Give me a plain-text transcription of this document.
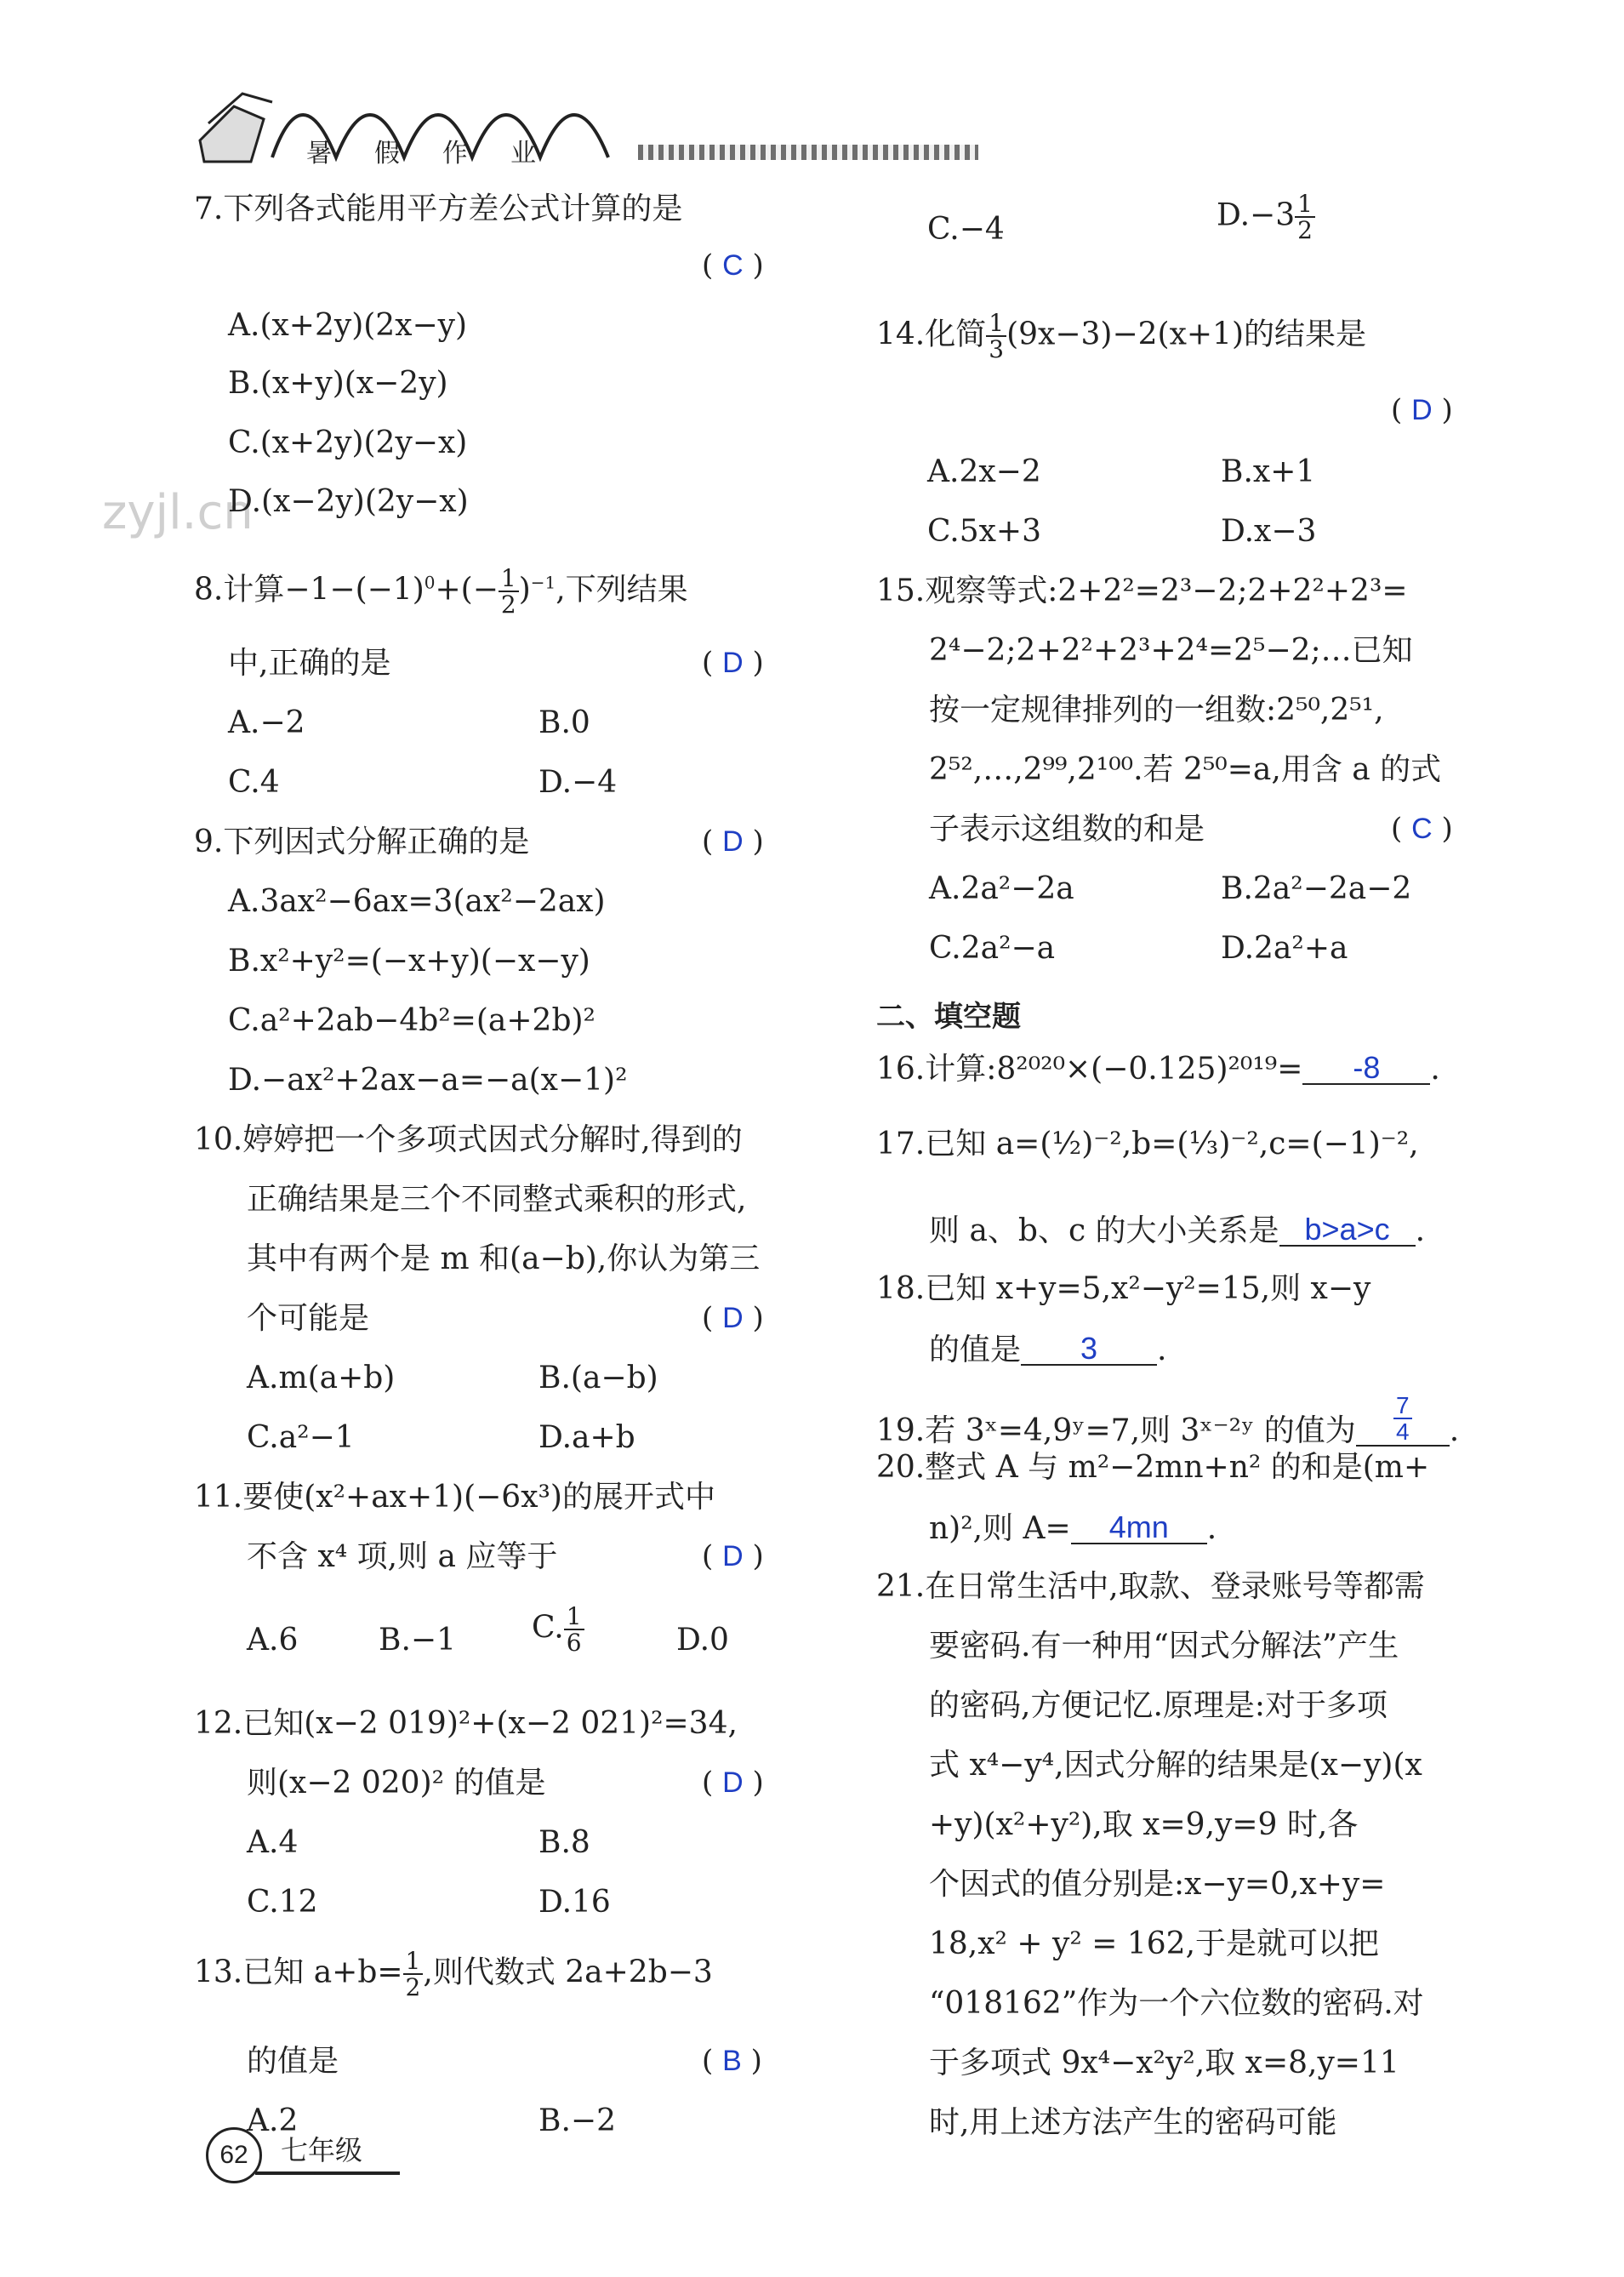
暑 假 作 业
zyjl.cn
7.下列各式能用平方差公式计算的是
( C )
A.(x+2y)(2x−y)
B.(x+y)(x−2y)
C.(x+2y)(2y−x)
D.(x−2y)(2y−x)
8.计算$-1-(-1)^0+(- \frac{1}{2} )^{-1}$,下列结果
中,正确的是	( D )
A.−2	B.0
C.4	D.−4
9.下列因式分解正确的是	( D )
A.3ax²−6ax=3(ax²−2ax)
B.x²+y²=(−x+y)(−x−y)
C.a²+2ab−4b²=(a+2b)²
D.−ax²+2ax−a=−a(x−1)²
10.婷婷把一个多项式因式分解时,得到的
正确结果是三个不同整式乘积的形式,
其中有两个是 m 和(a−b),你认为第三
个可能是	( D )
A.m(a+b)	B.(a−b)
C.a²−1	D.a+b
11.要使(x²+ax+1)(−6x³)的展开式中
不含 x⁴ 项,则 a 应等于	( D )
A.6	B.−1 C. $\frac{1}{6}$	D.0
12.已知(x−2 019)²+(x−2 021)²=34,
则(x−2 020)² 的值是	( D )
A.4	B.8
C.12	D.16
13.已知 $a+b= \frac{1}{2}$ ,则代数式 2a+2b−3
的值是	( B )
A.2	B.−2
C.−4	$D.-3 \frac{1}{2}$
14.化简 $\frac{1}{3} (9x-3)-2(x+1)$的结果是
( D )
A.2x−2	B.x+1
C.5x+3	D.x−3
15.观察等式:2+2²=2³−2;2+2²+2³=
2⁴−2;2+2²+2³+2⁴=2⁵−2;…已知
按一定规律排列的一组数:2⁵⁰,2⁵¹,
2⁵²,…,2⁹⁹,2¹⁰⁰.若 2⁵⁰=a,用含 a 的式
子表示这组数的和是	( C )
A.2a²−2a	B.2a²−2a−2
C.2a²−a	D.2a²+a
二、填空题
16.计算:8²⁰²⁰×(−0.125)²⁰¹⁹= -8 .
17.已知 a=(½)⁻²,b=(⅓)⁻²,c=(−1)⁻²,
则 a、b、c 的大小关系是 b>a>c .
18.已知 x+y=5,x²−y²=15,则 x−y
的值是 3 .
19.若 3ˣ=4,9ʸ=7,则 3ˣ⁻²ʸ 的值为 $\frac{7}{4}$ .
20.整式 A 与 m²−2mn+n² 的和是(m+
n)²,则 A= 4mn .
21.在日常生活中,取款、登录账号等都需
要密码.有一种用“因式分解法”产生
的密码,方便记忆.原理是:对于多项
式 x⁴−y⁴,因式分解的结果是(x−y)(x
+y)(x²+y²),取 x=9,y=9 时,各
个因式的值分别是:x−y=0,x+y=
18,x² + y² = 162,于是就可以把
“018162”作为一个六位数的密码.对
于多项式 9x⁴−x²y²,取 x=8,y=11
时,用上述方法产生的密码可能
62	七年级
